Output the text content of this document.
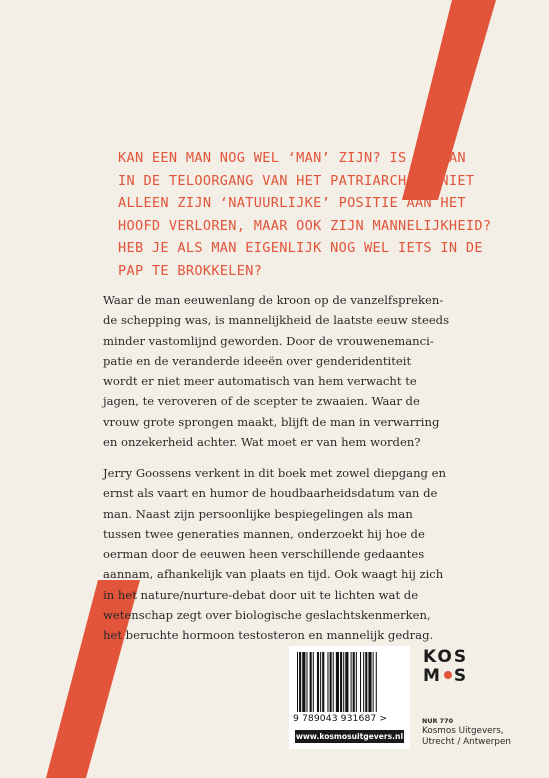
KAN EEN MAN NOG WEL ‘MAN’ ZIJN? IS DE MAN
IN DE TELOORGANG VAN HET PATRIARCHAAT NIET
ALLEEN ZIJN ‘NATUURLIJKE’ POSITIE AAN HET
HOOFD VERLOREN, MAAR OOK ZIJN MANNELIJKHEID?
HEB JE ALS MAN EIGENLIJK NOG WEL IETS IN DE
PAP TE BROKKELEN?
Waar de man eeuwenlang de kroon op de vanzelfspreken-
de schepping was, is mannelijkheid de laatste eeuw steeds
minder vastomlijnd geworden. Door de vrouwenemanci-
patie en de veranderde ideeën over genderidentiteit
wordt er niet meer automatisch van hem verwacht te
jagen, te veroveren of de scepter te zwaaien. Waar de
vrouw grote sprongen maakt, blijft de man in verwarring
en onzekerheid achter. Wat moet er van hem worden?
Jerry Goossens verkent in dit boek met zowel diepgang en
ernst als vaart en humor de houdbaarheidsdatum van de
man. Naast zijn persoonlijke bespiegelingen als man
tussen twee generaties mannen, onderzoekt hij hoe de
oerman door de eeuwen heen verschillende gedaantes
aannam, afhankelijk van plaats en tijd. Ook waagt hij zich
in het nature/nurture-debat door uit te lichten wat de
wetenschap zegt over biologische geslachtskenmerken,
het beruchte hormoon testosteron en mannelijk gedrag.
9 789043 931687 >
www.kosmosuitgevers.nl
KOS
M S
NUR 770
Kosmos Uitgevers,
Utrecht / Antwerpen
